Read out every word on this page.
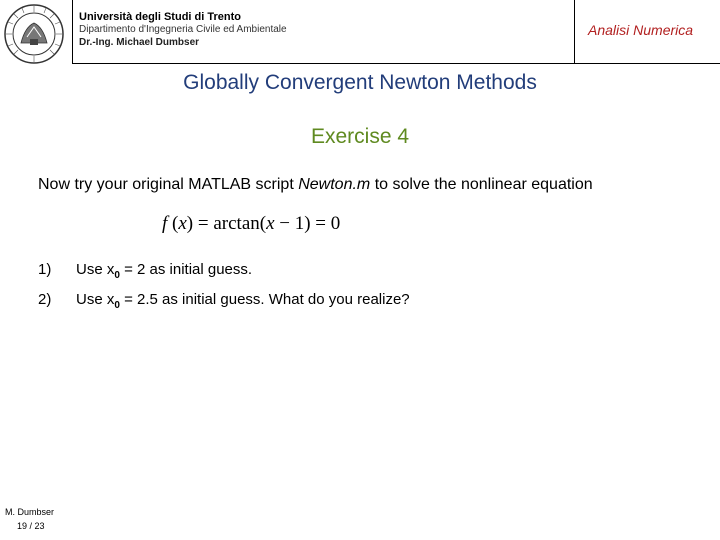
Università degli Studi di Trento
Dipartimento d'Ingegneria Civile ed Ambientale
Dr.-Ing. Michael Dumbser
Analisi Numerica
Globally Convergent Newton Methods
Exercise 4
Now try your original MATLAB script Newton.m to solve the nonlinear equation
f (x) = arctan(x − 1) = 0
1) Use $x_0 = 2$ as initial guess.
2) Use $x_0 = 2.5$ as initial guess. What do you realize?
M. Dumbser
19 / 23
